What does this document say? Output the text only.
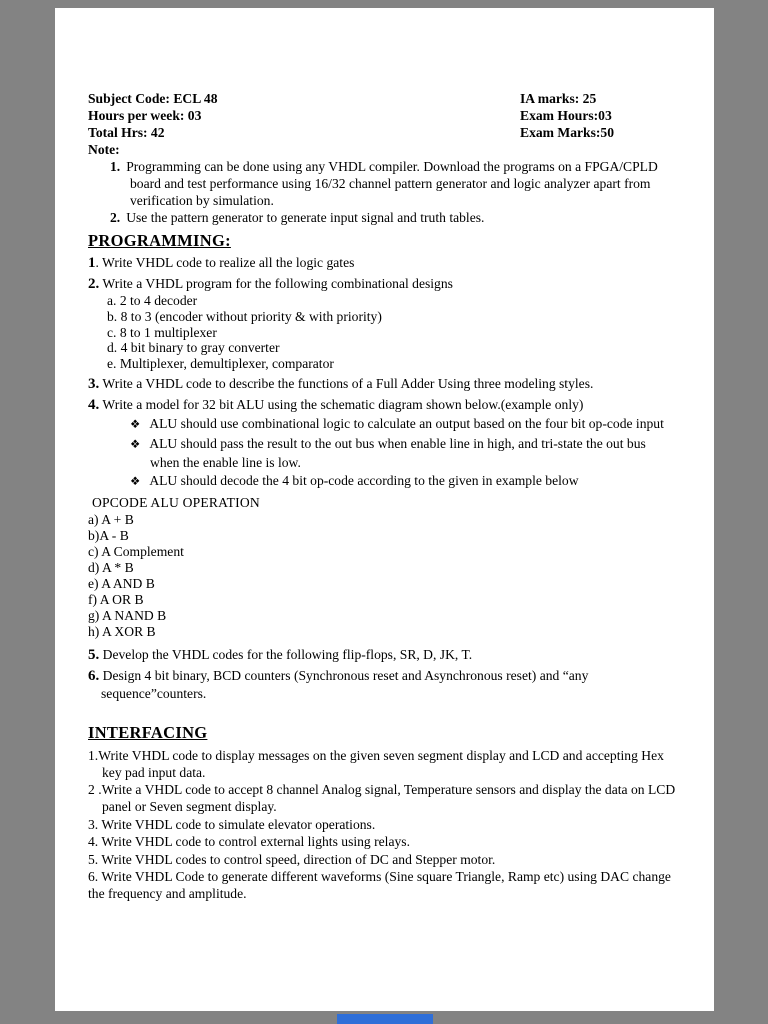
Subject Code: ECL 48	IA marks: 25
Hours per week: 03	Exam Hours:03
Total Hrs: 42	Exam Marks:50
Note:
1. Programming can be done using any VHDL compiler. Download the programs on a FPGA/CPLD board and test performance using 16/32 channel pattern generator and logic analyzer apart from verification by simulation.
2. Use the pattern generator to generate input signal and truth tables.
PROGRAMMING:
1. Write VHDL code to realize all the logic gates
2. Write a VHDL program for the following combinational designs
a. 2 to 4 decoder
b. 8 to 3 (encoder without priority & with priority)
c. 8 to 1 multiplexer
d. 4 bit binary to gray converter
e. Multiplexer, demultiplexer, comparator
3. Write a VHDL code to describe the functions of a Full Adder Using three modeling styles.
4. Write a model for 32 bit ALU using the schematic diagram shown below.(example only)
❖ ALU should use combinational logic to calculate an output based on the four bit op-code input
❖ ALU should pass the result to the out bus when enable line in high, and tri-state the out bus when the enable line is low.
❖ ALU should decode the 4 bit op-code according to the given in example below
OPCODE ALU OPERATION
a) A + B
b)A - B
c) A Complement
d) A * B
e) A AND B
f) A OR B
g) A NAND B
h) A XOR B
5. Develop the VHDL codes for the following flip-flops, SR, D, JK, T.
6. Design 4 bit binary, BCD counters (Synchronous reset and Asynchronous reset) and “any sequence”counters.
INTERFACING
1.Write VHDL code to display messages on the given seven segment display and LCD and accepting Hex key pad input data.
2 .Write a VHDL code to accept 8 channel Analog signal, Temperature sensors and display the data on LCD panel or Seven segment display.
3. Write VHDL code to simulate elevator operations.
4. Write VHDL code to control external lights using relays.
5. Write VHDL codes to control speed, direction of DC and Stepper motor.
6. Write VHDL Code to generate different waveforms (Sine square Triangle, Ramp etc) using DAC change the frequency and amplitude.
